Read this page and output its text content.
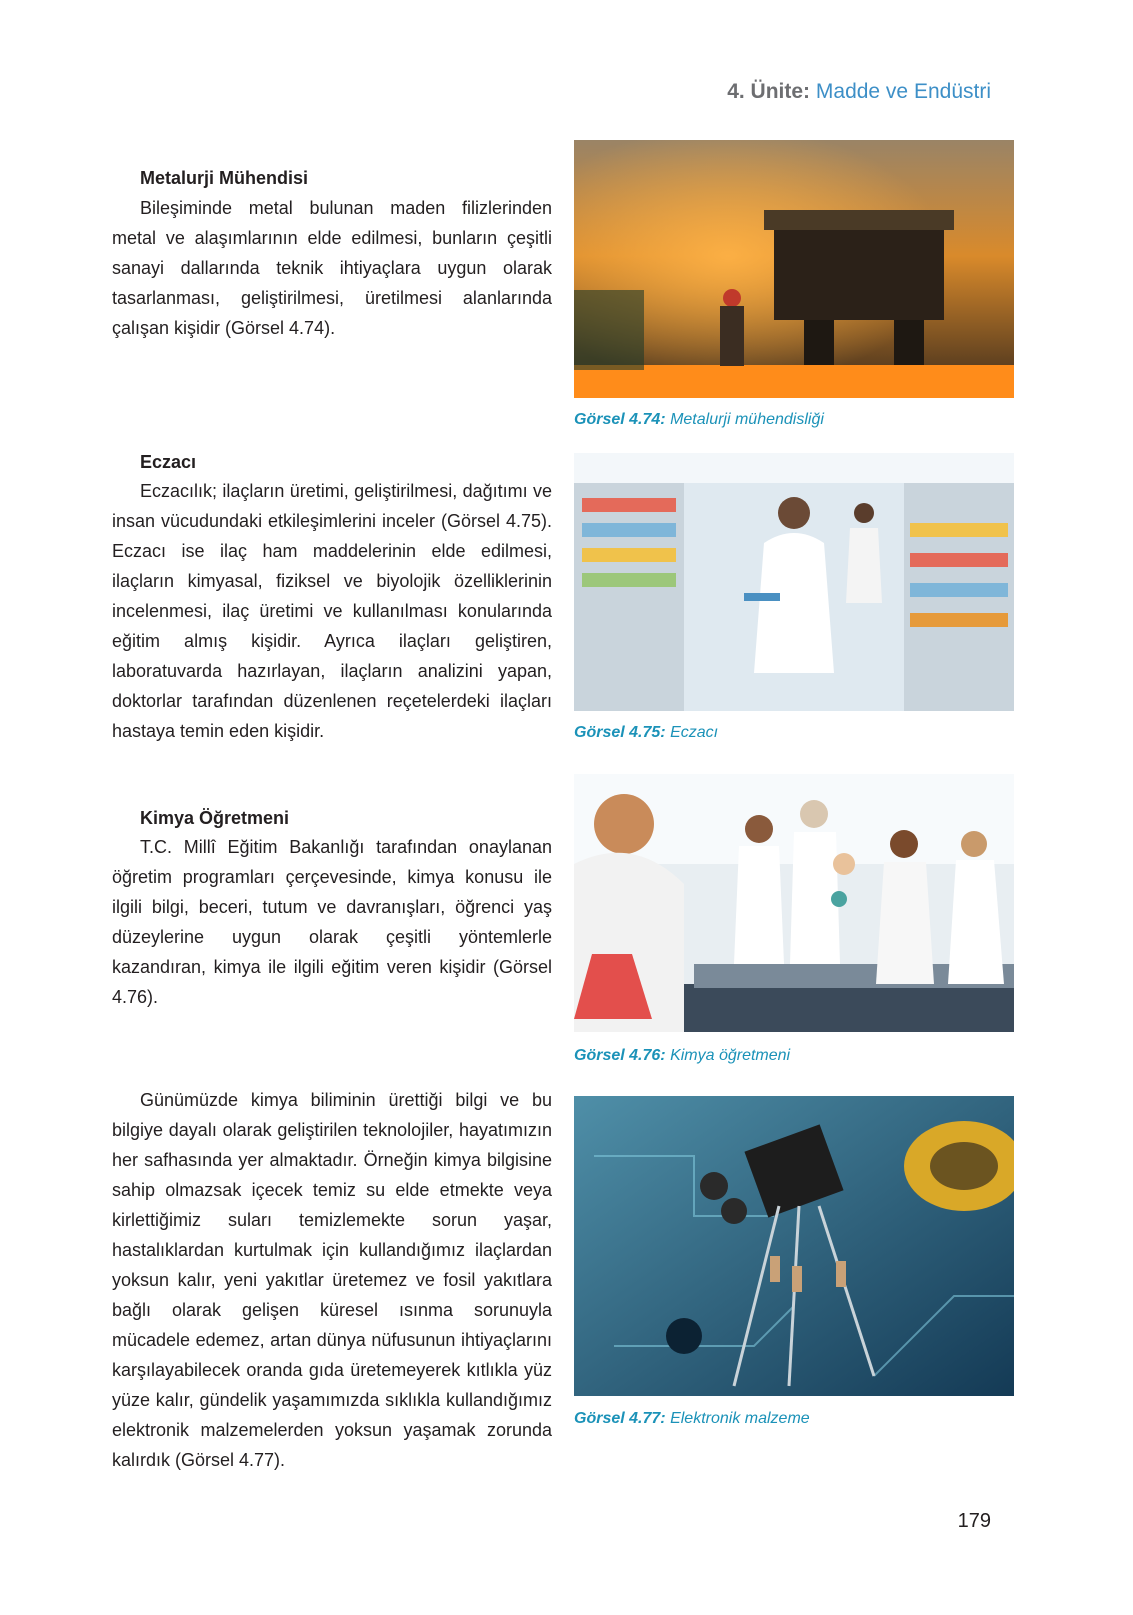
4. Ünite: Madde ve Endüstri
Metalurji Mühendisi

Bileşiminde metal bulunan maden filizlerinden metal ve alaşımlarının elde edilmesi, bunların çeşitli sanayi dallarında teknik ihtiyaçlara uygun olarak tasarlanması, geliştirilmesi, üretilmesi alanlarında çalışan kişidir (Görsel 4.74).

Görsel 4.74: Metalurji mühendisliği
Eczacı

Eczacılık; ilaçların üretimi, geliştirilmesi, dağıtımı ve insan vücudundaki etkileşimlerini inceler (Görsel 4.75). Eczacı ise ilaç ham maddelerinin elde edilmesi, ilaçların kimyasal, fiziksel ve biyolojik özelliklerinin incelenmesi, ilaç üretimi ve kullanılması konularında eğitim almış kişidir. Ayrıca ilaçları geliştiren, laboratuvarda hazırlayan, ilaçların analizini yapan, doktorlar tarafından düzenlenen reçetelerdeki ilaçları hastaya temin eden kişidir.	Görsel 4.75: Eczacı
Kimya Öğretmeni

T.C. Millî Eğitim Bakanlığı tarafından onaylanan öğretim programları çerçevesinde, kimya konusu ile ilgili bilgi, beceri, tutum ve davranışları, öğrenci yaş düzeylerine uygun olarak çeşitli yöntemlerle kazandıran, kimya ile ilgili eğitim veren kişidir (Görsel 4.76).

Görsel 4.76: Kimya öğretmeni

Günümüzde kimya biliminin ürettiği bilgi ve bu bilgiye dayalı olarak geliştirilen teknolojiler, hayatımızın her safhasında yer almaktadır. Örneğin kimya bilgisine sahip olmazsak içecek temiz su elde etmekte veya kirlettiğimiz suları temizlemekte sorun yaşar, hastalıklardan kurtulmak için kullandığımız ilaçlardan yoksun kalır, yeni yakıtlar üretemez ve fosil yakıtlara bağlı olarak gelişen küresel ısınma sorunuyla mücadele edemez, artan dünya nüfusunun ihtiyaçlarını karşılayabilecek oranda gıda üretemeyerek kıtlıkla yüz yüze kalır, gündelik yaşamımızda sıklıkla kullandığımız elektronik malzemelerden yoksun yaşamak zorunda kalırdık (Görsel 4.77).

Görsel 4.77: Elektronik malzeme
179
